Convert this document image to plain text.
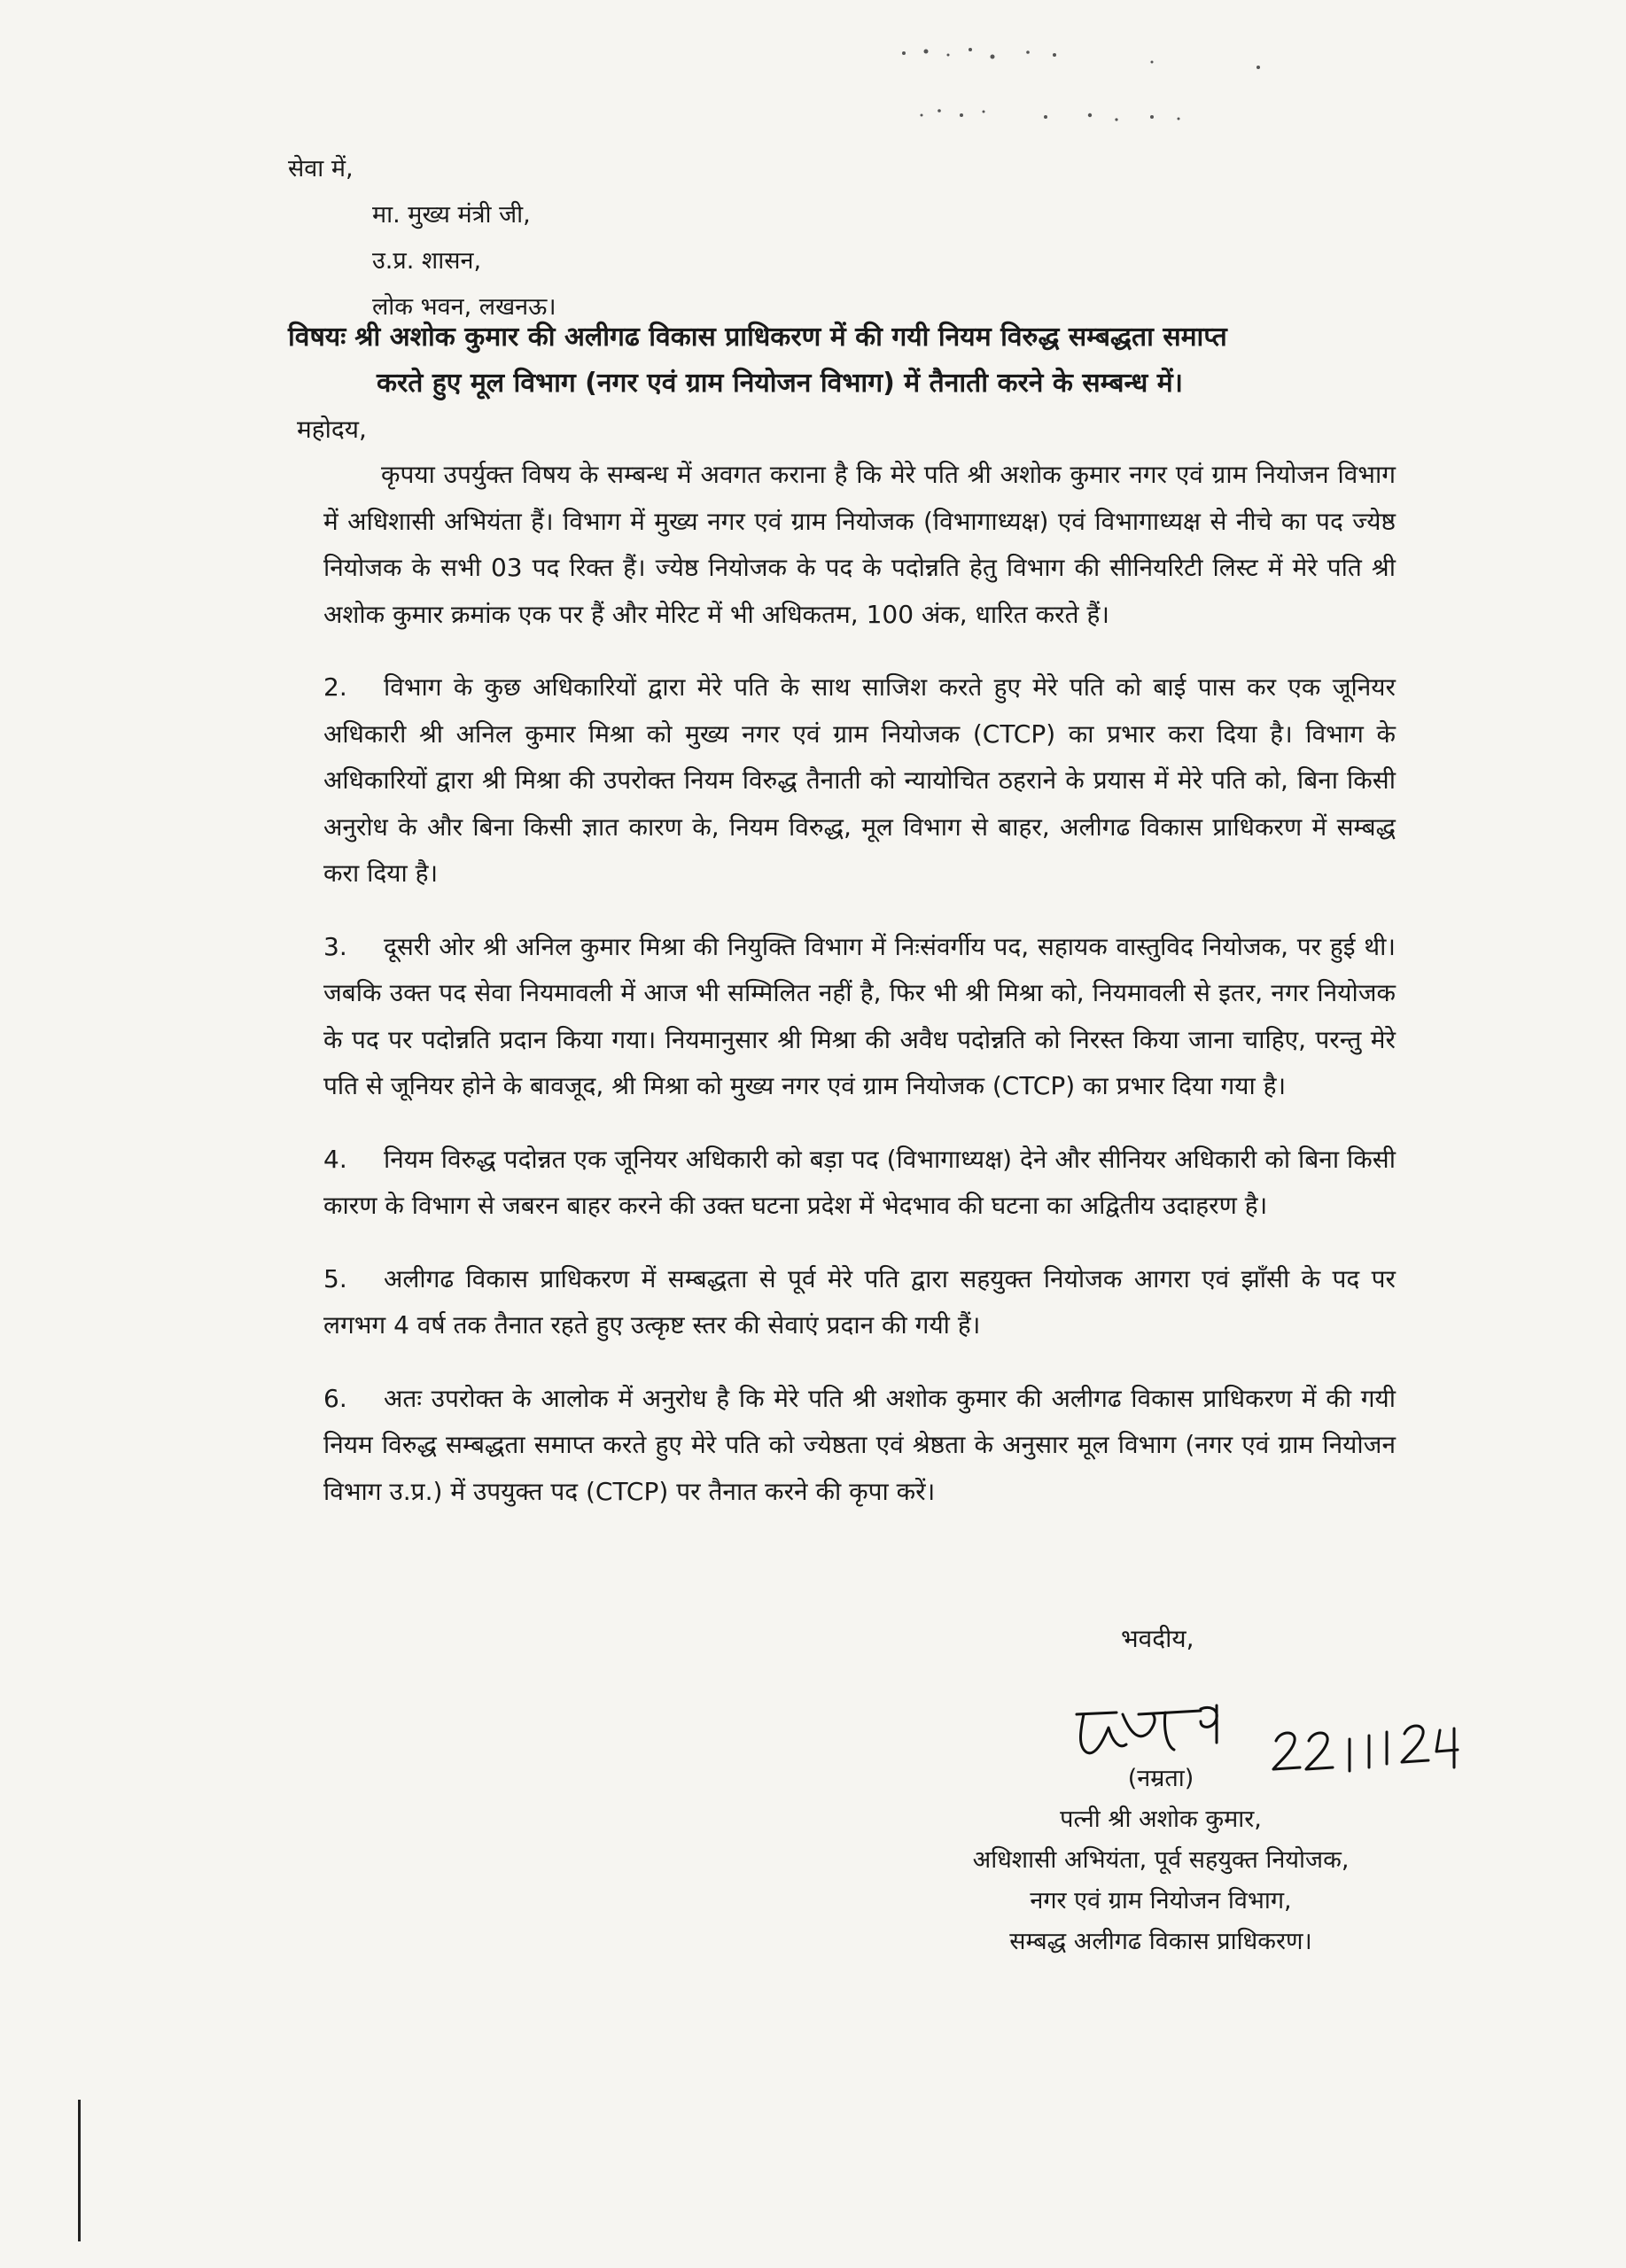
सेवा में,
मा. मुख्य मंत्री जी,
उ.प्र. शासन,
लोक भवन, लखनऊ।
विषयः श्री अशोक कुमार की अलीगढ विकास प्राधिकरण में की गयी नियम विरुद्ध सम्बद्धता समाप्त
करते हुए मूल विभाग (नगर एवं ग्राम नियोजन विभाग) में तैनाती करने के सम्बन्ध में।
महोदय,

कृपया उपर्युक्त विषय के सम्बन्ध में अवगत कराना है कि मेरे पति श्री अशोक कुमार नगर एवं ग्राम नियोजन विभाग में अधिशासी अभियंता हैं। विभाग में मुख्य नगर एवं ग्राम नियोजक (विभागाध्यक्ष) एवं विभागाध्यक्ष से नीचे का पद ज्येष्ठ नियोजक के सभी 03 पद रिक्त हैं। ज्येष्ठ नियोजक के पद के पदोन्नति हेतु विभाग की सीनियरिटी लिस्ट में मेरे पति श्री अशोक कुमार क्रमांक एक पर हैं और मेरिट में भी अधिकतम, 100 अंक, धारित करते हैं।

2. विभाग के कुछ अधिकारियों द्वारा मेरे पति के साथ साजिश करते हुए मेरे पति को बाई पास कर एक जूनियर अधिकारी श्री अनिल कुमार मिश्रा को मुख्य नगर एवं ग्राम नियोजक (CTCP) का प्रभार करा दिया है। विभाग के अधिकारियों द्वारा श्री मिश्रा की उपरोक्त नियम विरुद्ध तैनाती को न्यायोचित ठहराने के प्रयास में मेरे पति को, बिना किसी अनुरोध के और बिना किसी ज्ञात कारण के, नियम विरुद्ध, मूल विभाग से बाहर, अलीगढ विकास प्राधिकरण में सम्बद्ध करा दिया है।

3. दूसरी ओर श्री अनिल कुमार मिश्रा की नियुक्ति विभाग में निःसंवर्गीय पद, सहायक वास्तुविद नियोजक, पर हुई थी। जबकि उक्त पद सेवा नियमावली में आज भी सम्मिलित नहीं है, फिर भी श्री मिश्रा को, नियमावली से इतर, नगर नियोजक के पद पर पदोन्नति प्रदान किया गया। नियमानुसार श्री मिश्रा की अवैध पदोन्नति को निरस्त किया जाना चाहिए, परन्तु मेरे पति से जूनियर होने के बावजूद, श्री मिश्रा को मुख्य नगर एवं ग्राम नियोजक (CTCP) का प्रभार दिया गया है।

4. नियम विरुद्ध पदोन्नत एक जूनियर अधिकारी को बड़ा पद (विभागाध्यक्ष) देने और सीनियर अधिकारी को बिना किसी कारण के विभाग से जबरन बाहर करने की उक्त घटना प्रदेश में भेदभाव की घटना का अद्वितीय उदाहरण है।

5. अलीगढ विकास प्राधिकरण में सम्बद्धता से पूर्व मेरे पति द्वारा सहयुक्त नियोजक आगरा एवं झाँसी के पद पर लगभग 4 वर्ष तक तैनात रहते हुए उत्कृष्ट स्तर की सेवाएं प्रदान की गयी हैं।

6. अतः उपरोक्त के आलोक में अनुरोध है कि मेरे पति श्री अशोक कुमार की अलीगढ विकास प्राधिकरण में की गयी नियम विरुद्ध सम्बद्धता समाप्त करते हुए मेरे पति को ज्येष्ठता एवं श्रेष्ठता के अनुसार मूल विभाग (नगर एवं ग्राम नियोजन विभाग उ.प्र.) में उपयुक्त पद (CTCP) पर तैनात करने की कृपा करें।

भवदीय,
(नम्रता)
पत्नी श्री अशोक कुमार,
अधिशासी अभियंता, पूर्व सहयुक्त नियोजक,
नगर एवं ग्राम नियोजन विभाग,
सम्बद्ध अलीगढ विकास प्राधिकरण।
